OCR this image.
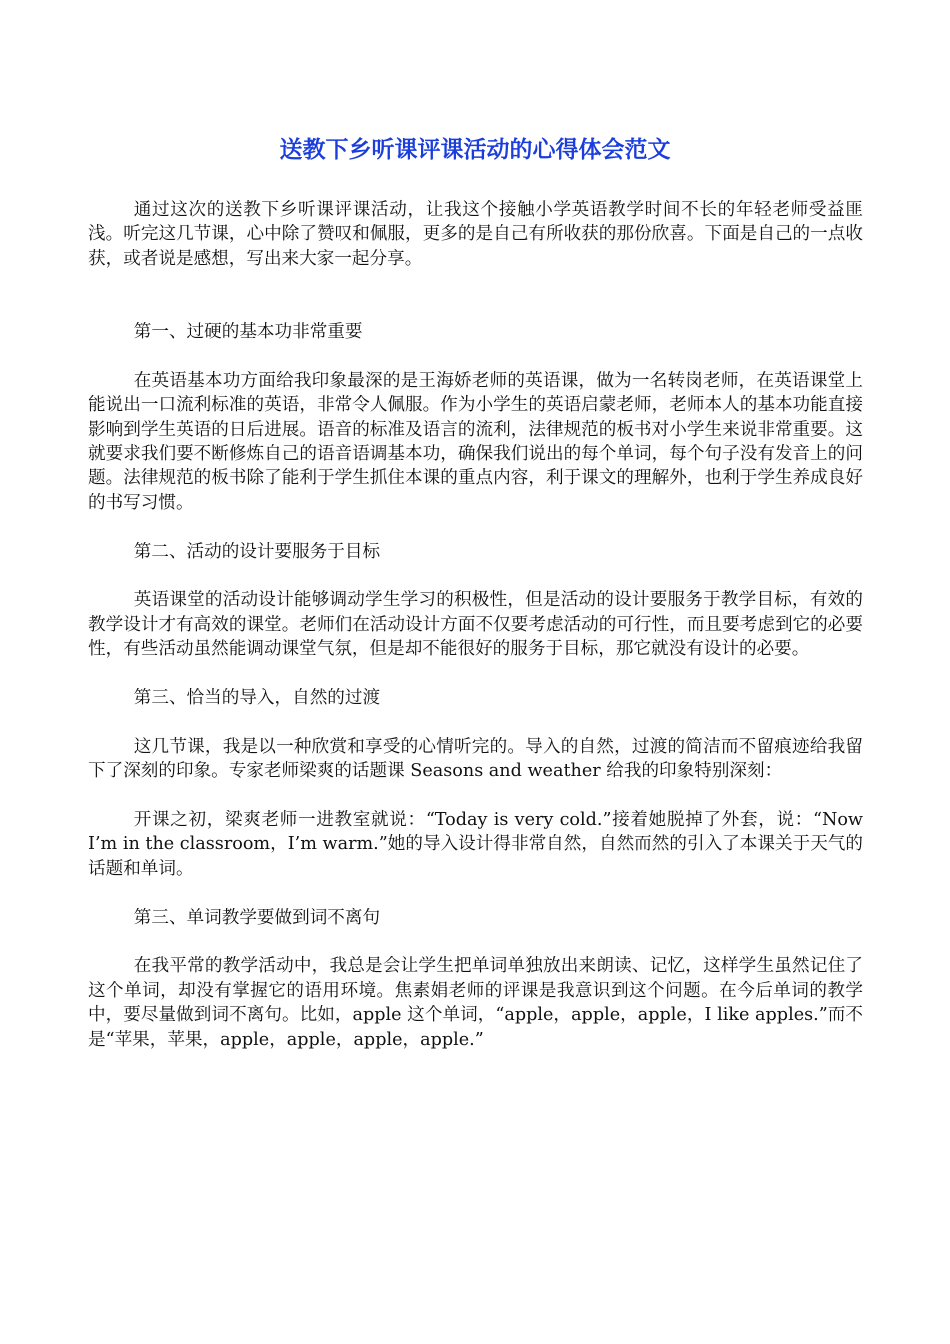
送教下乡听课评课活动的心得体会范文

通过这次的送教下乡听课评课活动，让我这个接触小学英语教学时间不长的年轻老师受益匪浅。听完这几节课，心中除了赞叹和佩服，更多的是自己有所收获的那份欣喜。下面是自己的一点收获，或者说是感想，写出来大家一起分享。

第一、过硬的基本功非常重要

在英语基本功方面给我印象最深的是王海娇老师的英语课，做为一名转岗老师，在英语课堂上能说出一口流利标准的英语，非常令人佩服。作为小学生的英语启蒙老师，老师本人的基本功能直接影响到学生英语的日后进展。语音的标准及语言的流利，法律规范的板书对小学生来说非常重要。这就要求我们要不断修炼自己的语音语调基本功，确保我们说出的每个单词，每个句子没有发音上的问题。法律规范的板书除了能利于学生抓住本课的重点内容，利于课文的理解外，也利于学生养成良好的书写习惯。

第二、活动的设计要服务于目标

英语课堂的活动设计能够调动学生学习的积极性，但是活动的设计要服务于教学目标，有效的教学设计才有高效的课堂。老师们在活动设计方面不仅要考虑活动的可行性，而且要考虑到它的必要性，有些活动虽然能调动课堂气氛，但是却不能很好的服务于目标，那它就没有设计的必要。

第三、恰当的导入，自然的过渡

这几节课，我是以一种欣赏和享受的心情听完的。导入的自然，过渡的简洁而不留痕迹给我留下了深刻的印象。专家老师梁爽的话题课 Seasons and weather 给我的印象特别深刻：

开课之初，梁爽老师一进教室就说：“Today is very cold.”接着她脱掉了外套，说：“Now I’m in the classroom，I’m warm.”她的导入设计得非常自然，自然而然的引入了本课关于天气的话题和单词。

第三、单词教学要做到词不离句

在我平常的教学活动中，我总是会让学生把单词单独放出来朗读、记忆，这样学生虽然记住了这个单词，却没有掌握它的语用环境。焦素娟老师的评课是我意识到这个问题。在今后单词的教学中，要尽量做到词不离句。比如，apple 这个单词，“apple，apple，apple，I like apples.”而不是“苹果，苹果，apple，apple，apple，apple.”
